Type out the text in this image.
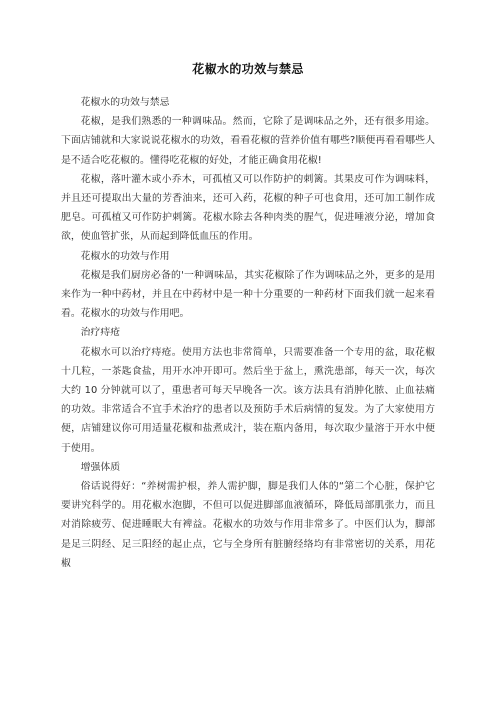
花椒水的功效与禁忌
花椒水的功效与禁忌
花椒，是我们熟悉的一种调味品。然而，它除了是调味品之外，还有很多用途。下面店铺就和大家说说花椒水的功效，看看花椒的营养价值有哪些?顺便再看看哪些人是不适合吃花椒的。懂得吃花椒的好处，才能正确食用花椒!
花椒，落叶灌木或小乔木，可孤植又可以作防护的刺篱。其果皮可作为调味料，并且还可提取出大量的芳香油来，还可入药，花椒的种子可也食用，还可加工制作成肥皂。可孤植又可作防护刺篱。花椒水除去各种肉类的腥气，促进唾液分泌，增加食欲，使血管扩张，从而起到降低血压的作用。
花椒水的功效与作用
花椒是我们厨房必备的'一种调味品，其实花椒除了作为调味品之外，更多的是用来作为一种中药材，并且在中药材中是一种十分重要的一种药材下面我们就一起来看看。花椒水的功效与作用吧。
治疗痔疮
花椒水可以治疗痔疮。使用方法也非常简单，只需要准备一个专用的盆，取花椒十几粒，一茶匙食盐，用开水冲开即可。然后坐于盆上，熏洗患部，每天一次，每次大约 10 分钟就可以了，重患者可每天早晚各一次。该方法具有消肿化脓、止血祛痛的功效。非常适合不宜手术治疗的患者以及预防手术后病情的复发。为了大家使用方便，店铺建议你可用适量花椒和盐煮成汁，装在瓶内备用，每次取少量溶于开水中便于使用。
增强体质
俗话说得好：“养树需护根，养人需护脚，脚是我们人体的“第二个心脏，保护它要讲究科学的。用花椒水泡脚，不但可以促进脚部血液循环，降低局部肌张力，而且对消除疲劳、促进睡眠大有裨益。花椒水的功效与作用非常多了。中医们认为，脚部是足三阴经、足三阳经的起止点，它与全身所有脏腑经络均有非常密切的关系，用花椒
